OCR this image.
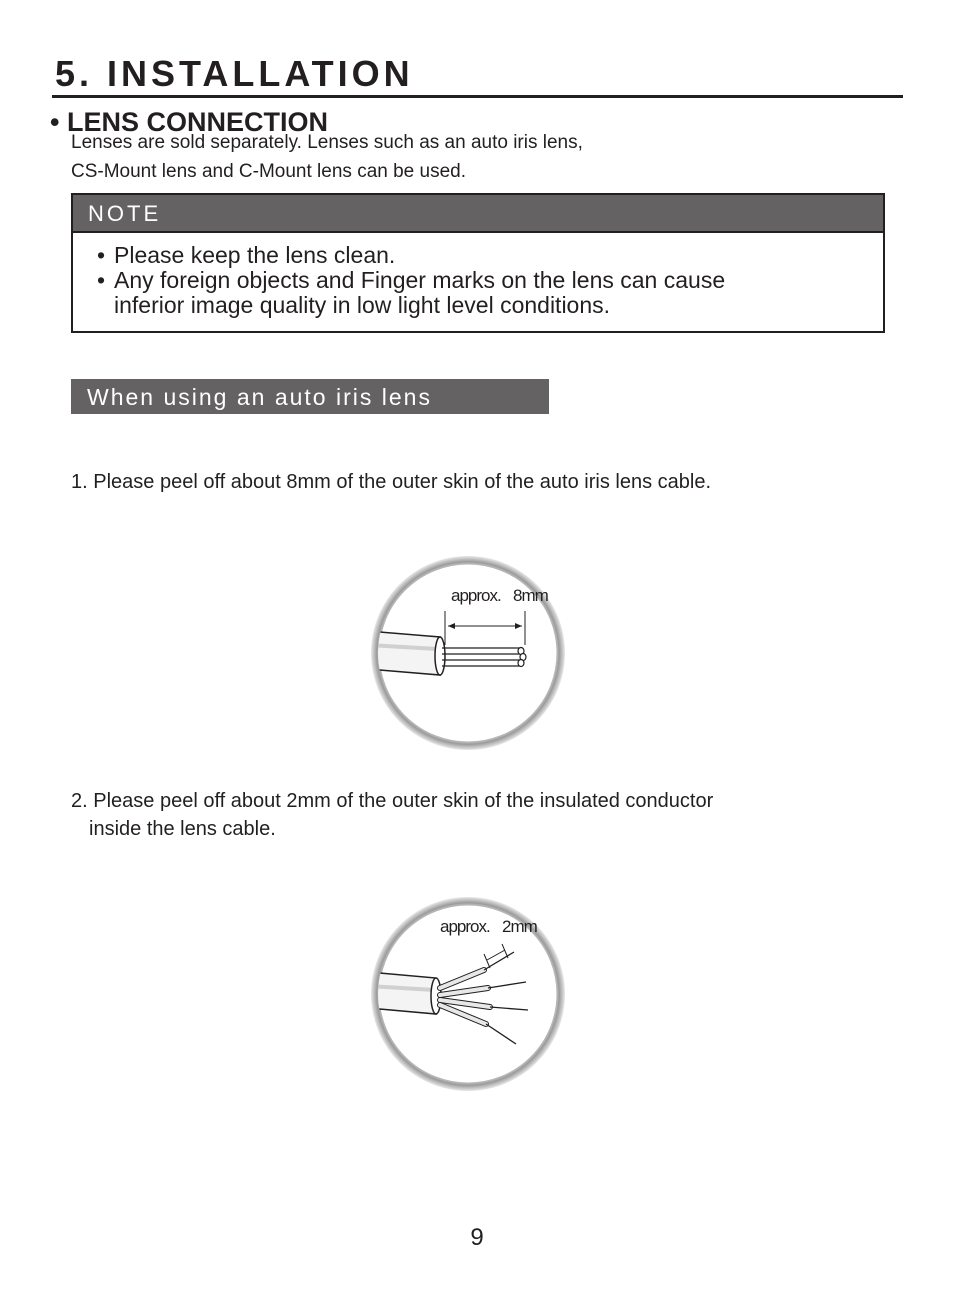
5. INSTALLATION
• LENS CONNECTION
Lenses are sold separately. Lenses such as an auto iris lens,
CS-Mount lens and C-Mount lens can be used.
NOTE
• Please keep the lens clean.
• Any foreign objects and Finger marks on the lens can cause
inferior image quality in low light level conditions.
When using an auto iris lens
1. Please peel off about 8mm of the outer skin of the auto iris lens cable.
approx. 8mm
2. Please peel off about 2mm of the outer skin of the insulated conductor
inside the lens cable.
approx. 2mm
9
